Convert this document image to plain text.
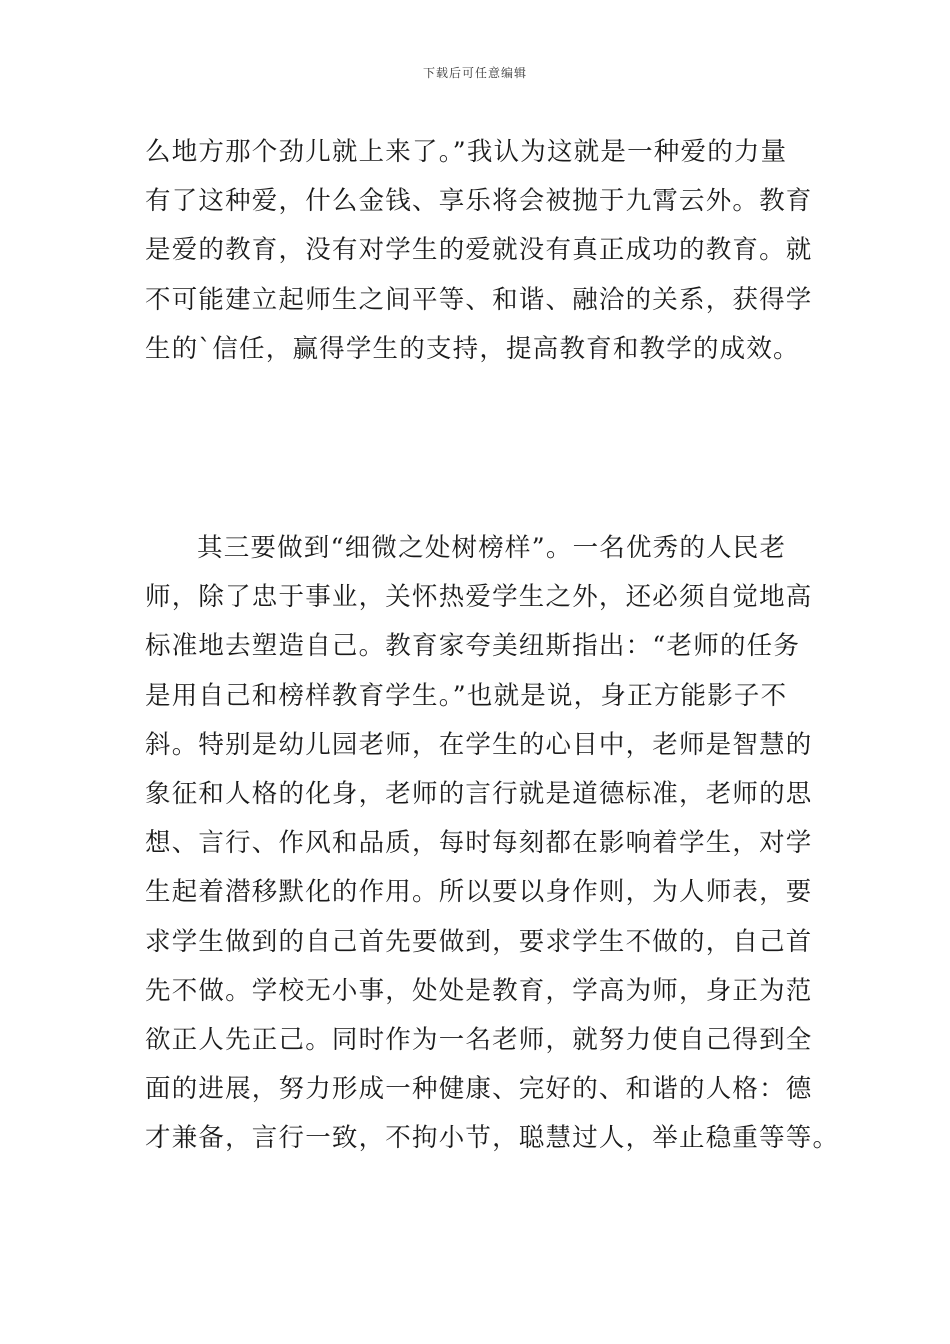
下载后可任意编辑

么地方那个劲儿就上来了。”我认为这就是一种爱的力量
有了这种爱，什么金钱、享乐将会被抛于九霄云外。教育
是爱的教育，没有对学生的爱就没有真正成功的教育。就
不可能建立起师生之间平等、和谐、融洽的关系，获得学
生的`信任，赢得学生的支持，提高教育和教学的成效。

其三要做到“细微之处树榜样”。一名优秀的人民老
师，除了忠于事业，关怀热爱学生之外，还必须自觉地高
标准地去塑造自己。教育家夸美纽斯指出：“老师的任务
是用自己和榜样教育学生。”也就是说，身正方能影子不
斜。特别是幼儿园老师，在学生的心目中，老师是智慧的
象征和人格的化身，老师的言行就是道德标准，老师的思
想、言行、作风和品质，每时每刻都在影响着学生，对学
生起着潜移默化的作用。所以要以身作则，为人师表，要
求学生做到的自己首先要做到，要求学生不做的，自己首
先不做。学校无小事，处处是教育，学高为师，身正为范
欲正人先正己。同时作为一名老师，就努力使自己得到全
面的进展，努力形成一种健康、完好的、和谐的人格：德
才兼备，言行一致，不拘小节，聪慧过人，举止稳重等等。
